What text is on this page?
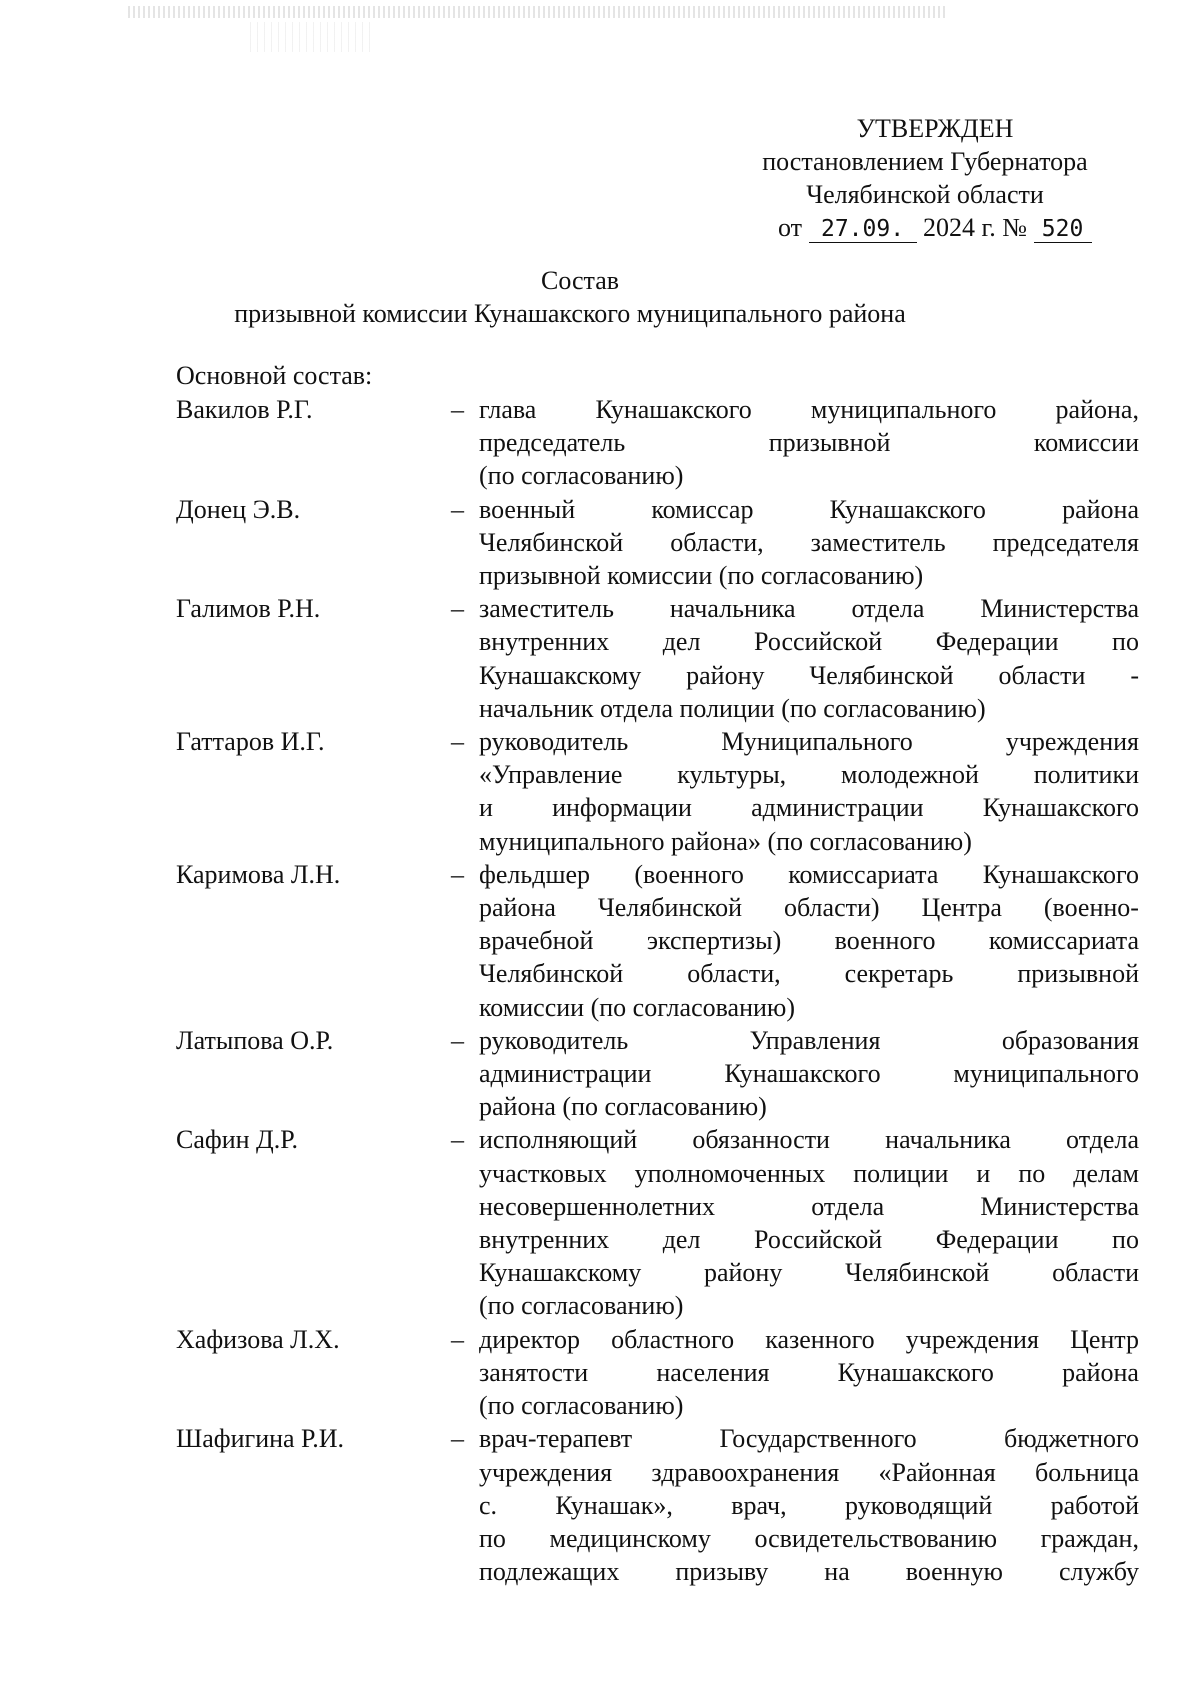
УТВЕРЖДЕН
постановлением Губернатора
Челябинской области
от 27.09. 2024 г. № 520
Состав
призывной комиссии Кунашакского муниципального района
Основной состав:
Вакилов Р.Г.	– глава Кунашакского муниципального района,
председатель	призывной	комиссии
(по согласованию)
Донец Э.В.	– военный	комиссар	Кунашакского	района
Челябинской области, заместитель председателя
призывной комиссии (по согласованию)
Галимов Р.Н.	– заместитель начальника отдела Министерства
внутренних дел Российской Федерации по
Кунашакскому району Челябинской области -
начальник отдела полиции (по согласованию)
Гаттаров И.Г.	– руководитель	Муниципального	учреждения
«Управление культуры, молодежной политики
и информации администрации Кунашакского
муниципального района» (по согласованию)
Каримова Л.Н.	– фельдшер (военного комиссариата Кунашакского
района Челябинской области) Центра (военно-
врачебной экспертизы) военного комиссариата
Челябинской области, секретарь призывной
комиссии (по согласованию)
Латыпова О.Р.	– руководитель	Управления	образования
администрации	Кунашакского	муниципального
района (по согласованию)
Сафин Д.Р.	– исполняющий обязанности начальника отдела
участковых уполномоченных полиции и по делам
несовершеннолетних	отдела	Министерства
внутренних дел Российской Федерации по
Кунашакскому району Челябинской области
(по согласованию)
Хафизова Л.Х.	– директор областного казенного учреждения Центр
занятости	населения	Кунашакского	района
(по согласованию)
Шафигина Р.И.	– врач-терапевт	Государственного	бюджетного
учреждения здравоохранения «Районная больница
с. Кунашак», врач, руководящий работой
по медицинскому освидетельствованию граждан,
подлежащих призыву на военную службу
